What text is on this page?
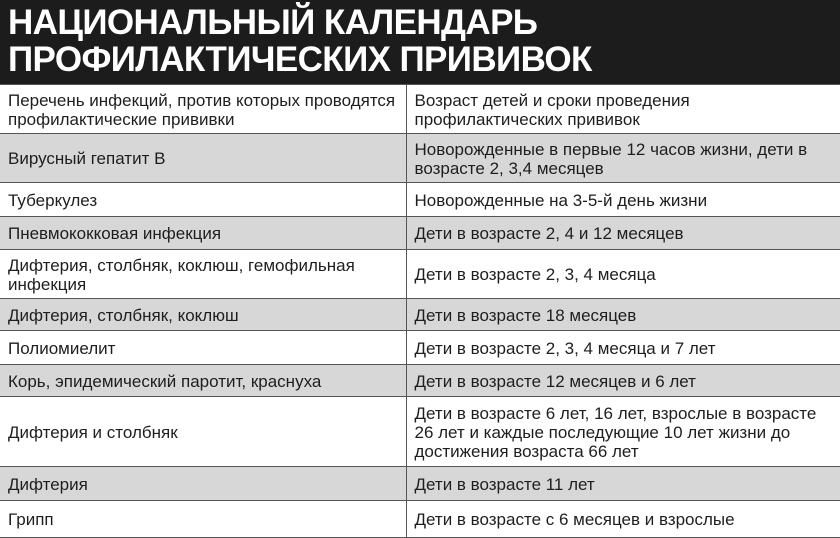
НАЦИОНАЛЬНЫЙ КАЛЕНДАРЬ
ПРОФИЛАКТИЧЕСКИХ ПРИВИВОК
Перечень инфекций, против которых проводятся профилактические прививки	Возраст детей и сроки проведения профилактических прививок
Вирусный гепатит В	Новорожденные в первые 12 часов жизни, дети в возрасте 2, 3,4 месяцев
Туберкулез	Новорожденные на 3-5-й день жизни
Пневмококковая инфекция	Дети в возрасте 2, 4 и 12 месяцев
Дифтерия, столбняк, коклюш, гемофильная инфекция	Дети в возрасте 2, 3, 4 месяца
Дифтерия, столбняк, коклюш	Дети в возрасте 18 месяцев
Полиомиелит	Дети в возрасте 2, 3, 4 месяца и 7 лет
Корь, эпидемический паротит, краснуха	Дети в возрасте 12 месяцев и 6 лет
Дифтерия и столбняк	Дети в возрасте 6 лет, 16 лет, взрослые в возрасте 26 лет и каждые последующие 10 лет жизни до достижения возраста 66 лет
Дифтерия	Дети в возрасте 11 лет
Грипп	Дети в возрасте с 6 месяцев и взрослые
